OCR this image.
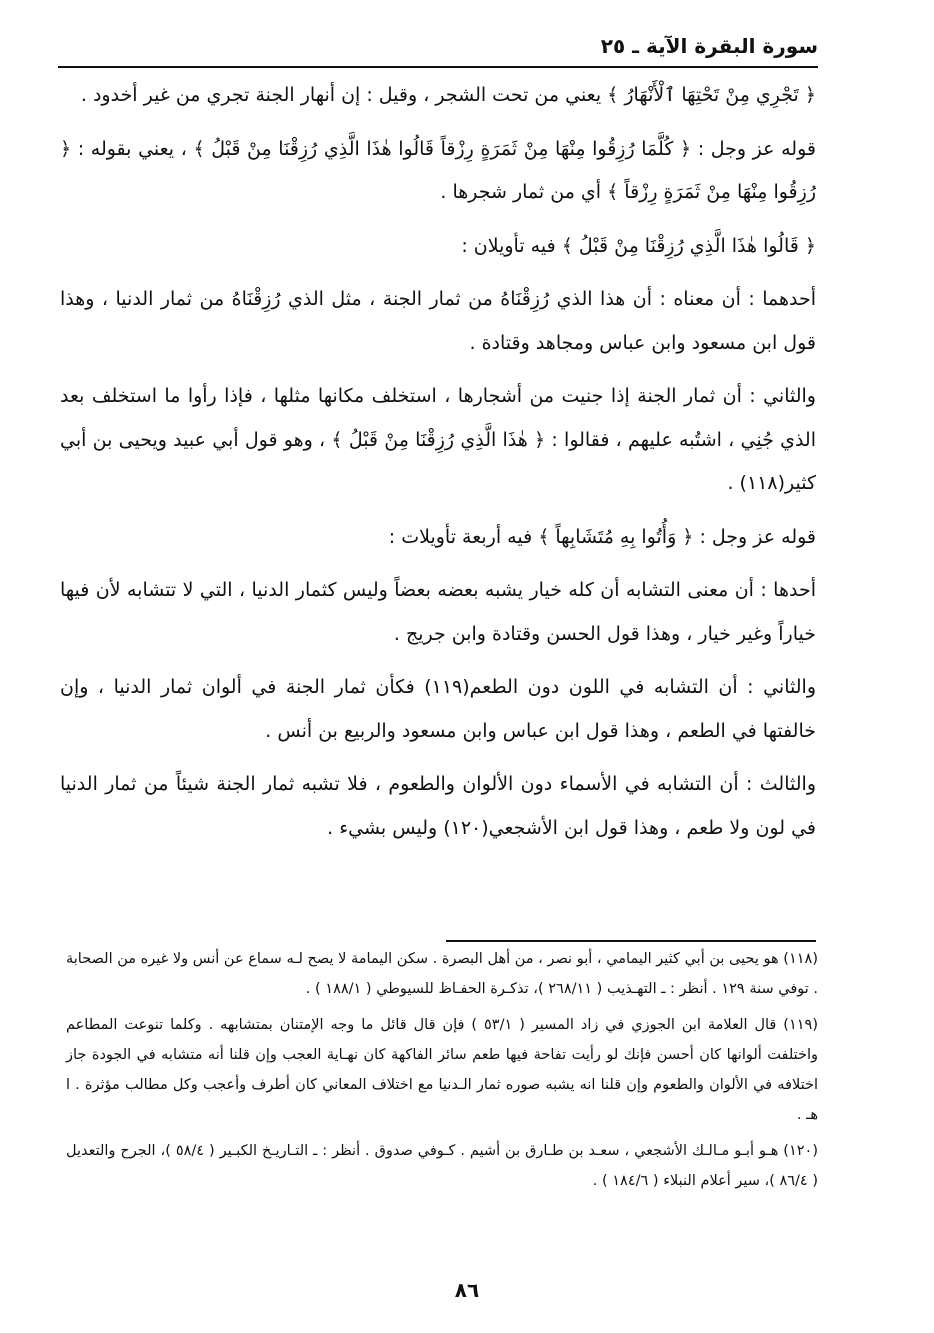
سورة البقرة الآية ـ ٢٥

﴿ تَجْرِي مِنْ تَحْتِهَا ٱلْأَنْهَارُ ﴾ يعني من تحت الشجر ، وقيل : إن أنهار الجنة تجري من غير أخدود .

قوله عز وجل : ﴿ كُلَّمَا رُزِقُوا مِنْهَا مِنْ ثَمَرَةٍ رِزْقاً قَالُوا هٰذَا الَّذِي رُزِقْنَا مِنْ قَبْلُ ﴾ ، يعني بقوله : ﴿ رُزِقُوا مِنْهَا مِنْ ثَمَرَةٍ رِزْقاً ﴾ أي من ثمار شجرها .

﴿ قَالُوا هٰذَا الَّذِي رُزِقْنَا مِنْ قَبْلُ ﴾ فيه تأويلان :

أحدهما : أن معناه : أن هذا الذي رُزِقْنَاهُ من ثمار الجنة ، مثل الذي رُزِقْنَاهُ من ثمار الدنيا ، وهذا قول ابن مسعود وابن عباس ومجاهد وقتادة .

والثاني : أن ثمار الجنة إذا جنيت من أشجارها ، استخلف مكانها مثلها ، فإذا رأوا ما استخلف بعد الذي جُنِي ، اشتُبه عليهم ، فقالوا : ﴿ هٰذَا الَّذِي رُزِقْنَا مِنْ قَبْلُ ﴾ ، وهو قول أبي عبيد ويحيى بن أبي كثير(١١٨) .

قوله عز وجل : ﴿ وَأُتُوا بِهِ مُتَشَابِهاً ﴾ فيه أربعة تأويلات :

أحدها : أن معنى التشابه أن كله خيار يشبه بعضه بعضاً وليس كثمار الدنيا ، التي لا تتشابه لأن فيها خياراً وغير خيار ، وهذا قول الحسن وقتادة وابن جريج .

والثاني : أن التشابه في اللون دون الطعم(١١٩) فكأن ثمار الجنة في ألوان ثمار الدنيا ، وإن خالفتها في الطعم ، وهذا قول ابن عباس وابن مسعود والربيع بن أنس .

والثالث : أن التشابه في الأسماء دون الألوان والطعوم ، فلا تشبه ثمار الجنة شيئاً من ثمار الدنيا في لون ولا طعم ، وهذا قول ابن الأشجعي(١٢٠) وليس بشيء .

(١١٨) هو يحيى بن أبي كثير اليمامي ، أبو نصر ، من أهل البصرة . سكن اليمامة لا يصح لـه سماع عن أنس ولا غيره من الصحابة . توفي سنة ١٢٩ . أنظر : ـ التهـذيب ( ٢٦٨/١١ )، تذكـرة الحفـاظ للسيوطي ( ١٨٨/١ ) .

(١١٩) قال العلامة ابن الجوزي في زاد المسير ( ٥٣/١ ) فإن قال قائل ما وجه الإمتنان بمتشابهه . وكلما تنوعت المطاعم واختلفت ألوانها كان أحسن فإنك لو رأيت تفاحة فيها طعم سائر الفاكهة كان نهـاية العجب وإن قلنا أنه متشابه في الجودة جاز اختلافه في الألوان والطعوم وإن قلنا انه يشبه صوره ثمار الـدنيا مع اختلاف المعاني كان أطرف وأعجب وكل مطالب مؤثرة . ا هـ .

(١٢٠) هـو أبـو مـالـك الأشجعي ، سعـد بن طـارق بن أشيم . كـوفي صدوق . أنظر : ـ التـاريـخ الكبـير ( ٥٨/٤ )، الجرح والتعديل ( ٨٦/٤ )، سير أعلام النبلاء ( ١٨٤/٦ ) .

٨٦
